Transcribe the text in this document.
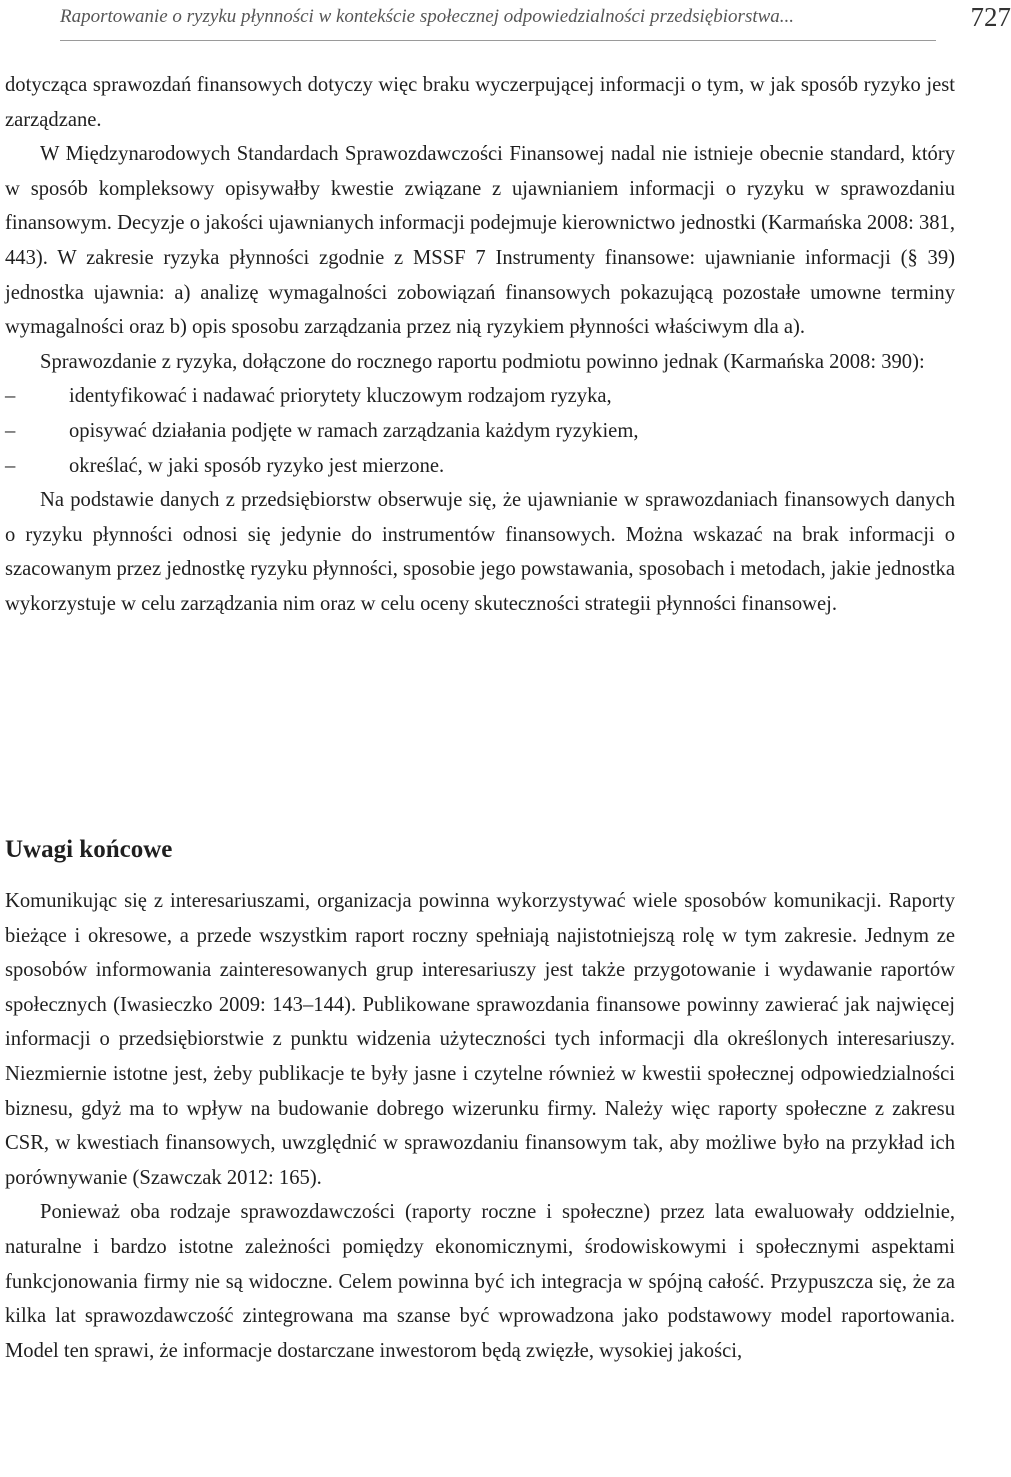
Raportowanie o ryzyku płynności w kontekście społecznej odpowiedzialności przedsiębiorstwa...	727

dotycząca sprawozdań finansowych dotyczy więc braku wyczerpującej informacji o tym, w jak sposób ryzyko jest zarządzane.

W Międzynarodowych Standardach Sprawozdawczości Finansowej nadal nie istnieje obecnie standard, który w sposób kompleksowy opisywałby kwestie związane z ujawnianiem informacji o ryzyku w sprawozdaniu finansowym. Decyzje o jakości ujawnianych informacji podejmuje kierownictwo jednostki (Karmańska 2008: 381, 443). W zakresie ryzyka płynności zgodnie z MSSF 7 Instrumenty finansowe: ujawnianie informacji (§ 39) jednostka ujawnia: a) analizę wymagalności zobowiązań finansowych pokazującą pozostałe umowne terminy wymagalności oraz b) opis sposobu zarządzania przez nią ryzykiem płynności właściwym dla a).

Sprawozdanie z ryzyka, dołączone do rocznego raportu podmiotu powinno jednak (Karmańska 2008: 390):

–	identyfikować i nadawać priorytety kluczowym rodzajom ryzyka,
–	opisywać działania podjęte w ramach zarządzania każdym ryzykiem,
–	określać, w jaki sposób ryzyko jest mierzone.

Na podstawie danych z przedsiębiorstw obserwuje się, że ujawnianie w sprawozdaniach finansowych danych o ryzyku płynności odnosi się jedynie do instrumentów finansowych. Można wskazać na brak informacji o szacowanym przez jednostkę ryzyku płynności, sposobie jego powstawania, sposobach i metodach, jakie jednostka wykorzystuje w celu zarządzania nim oraz w celu oceny skuteczności strategii płynności finansowej.

Uwagi końcowe

Komunikując się z interesariuszami, organizacja powinna wykorzystywać wiele sposobów komunikacji. Raporty bieżące i okresowe, a przede wszystkim raport roczny spełniają najistotniejszą rolę w tym zakresie. Jednym ze sposobów informowania zainteresowanych grup interesariuszy jest także przygotowanie i wydawanie raportów społecznych (Iwasieczko 2009: 143–144). Publikowane sprawozdania finansowe powinny zawierać jak najwięcej informacji o przedsiębiorstwie z punktu widzenia użyteczności tych informacji dla określonych interesariuszy. Niezmiernie istotne jest, żeby publikacje te były jasne i czytelne również w kwestii społecznej odpowiedzialności biznesu, gdyż ma to wpływ na budowanie dobrego wizerunku firmy. Należy więc raporty społeczne z zakresu CSR, w kwestiach finansowych, uwzględnić w sprawozdaniu finansowym tak, aby możliwe było na przykład ich porównywanie (Szawczak 2012: 165).

Ponieważ oba rodzaje sprawozdawczości (raporty roczne i społeczne) przez lata ewaluowały oddzielnie, naturalne i bardzo istotne zależności pomiędzy ekonomicznymi, środowiskowymi i społecznymi aspektami funkcjonowania firmy nie są widoczne. Celem powinna być ich integracja w spójną całość. Przypuszcza się, że za kilka lat sprawozdawczość zintegrowana ma szanse być wprowadzona jako podstawowy model raportowania. Model ten sprawi, że informacje dostarczane inwestorom będą zwięzłe, wysokiej jakości,
